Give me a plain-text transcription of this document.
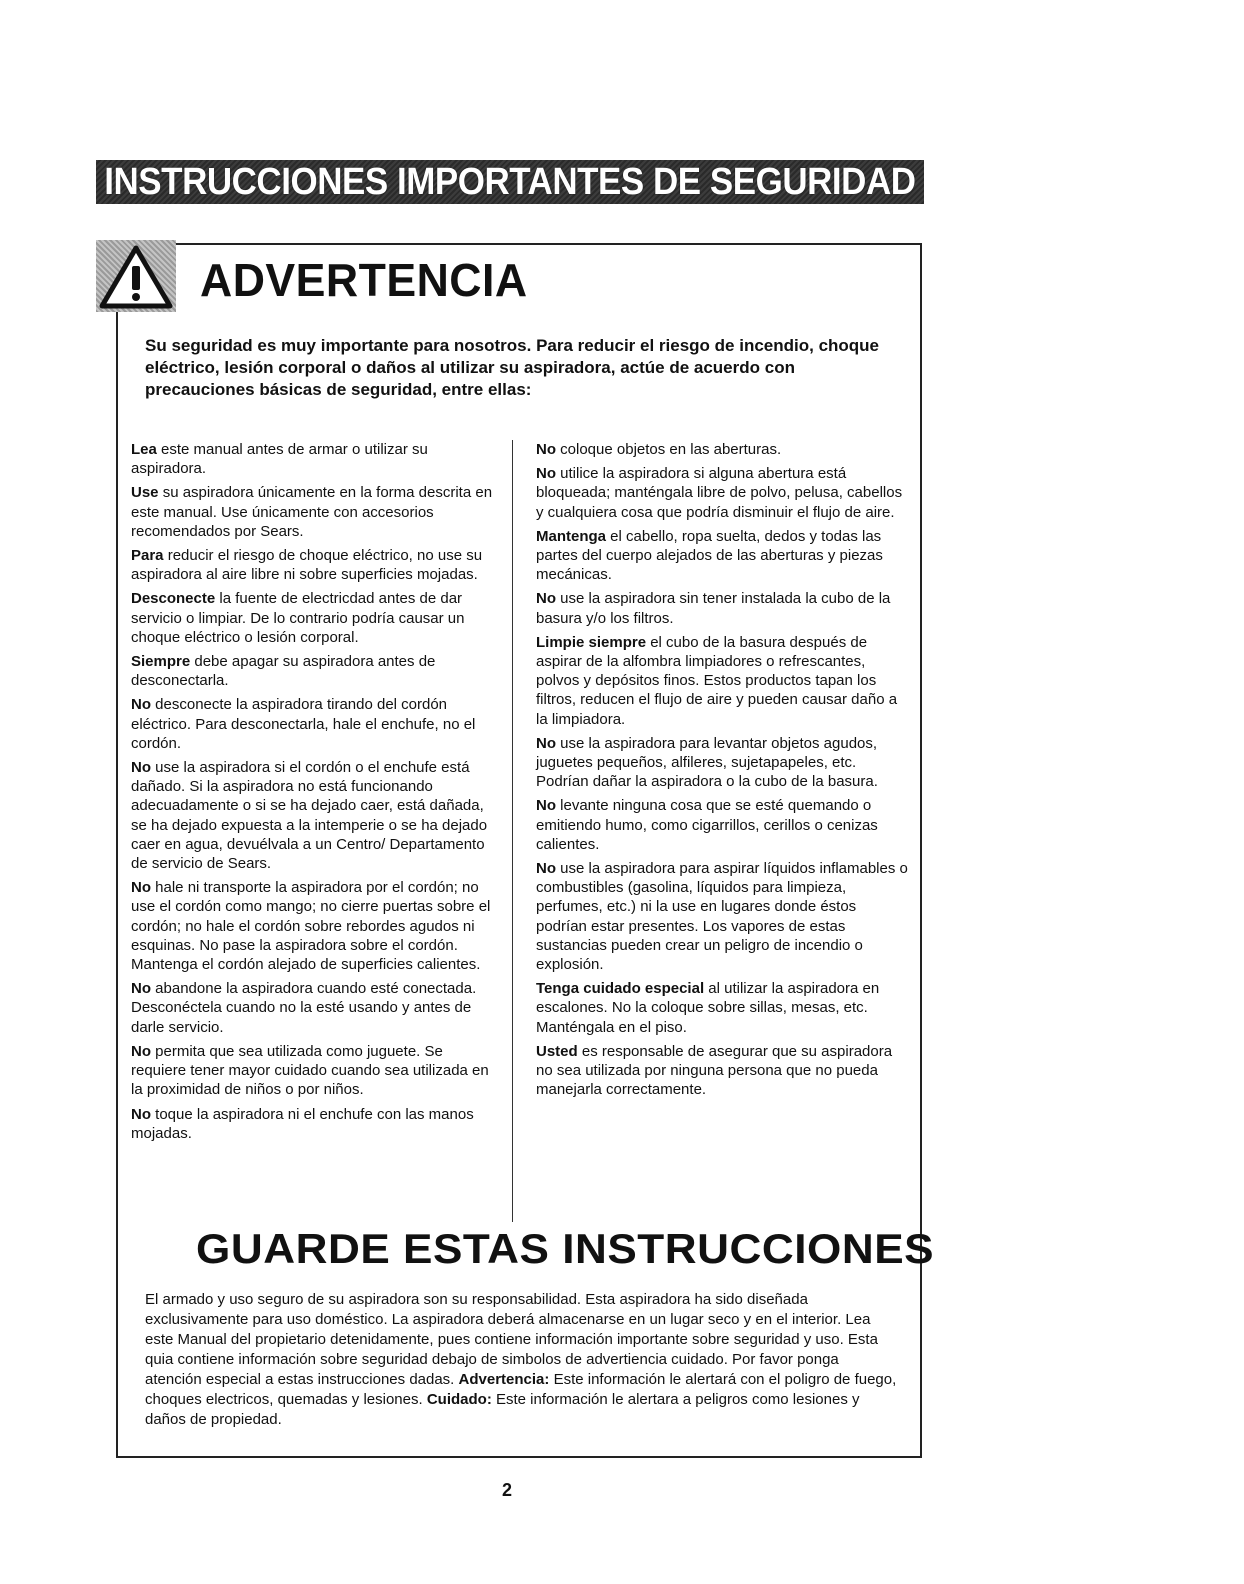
INSTRUCCIONES IMPORTANTES DE SEGURIDAD
ADVERTENCIA
Su seguridad es muy importante para nosotros. Para reducir el riesgo de incendio, choque eléctrico, lesión corporal o daños al utilizar su aspiradora, actúe de acuerdo con precauciones básicas de seguridad, entre ellas:

Lea este manual antes de armar o utilizar su aspiradora.

Use su aspiradora únicamente en la forma descrita en este manual. Use únicamente con accesorios recomendados por Sears.

Para reducir el riesgo de choque eléctrico, no use su aspiradora al aire libre ni sobre superficies mojadas.

Desconecte la fuente de electricdad antes de dar servicio o limpiar. De lo contrario podría causar un choque eléctrico o lesión corporal.

Siempre debe apagar su aspiradora antes de desconectarla.

No desconecte la aspiradora tirando del cordón eléctrico. Para desconectarla, hale el enchufe, no el cordón.

No use la aspiradora si el cordón o el enchufe está dañado. Si la aspiradora no está funcionando adecuadamente o si se ha dejado caer, está dañada, se ha dejado expuesta a la intemperie o se ha dejado caer en agua, devuélvala a un Centro/ Departamento de servicio de Sears.

No hale ni transporte la aspiradora por el cordón; no use el cordón como mango; no cierre puertas sobre el cordón; no hale el cordón sobre rebordes agudos ni esquinas. No pase la aspiradora sobre el cordón. Mantenga el cordón alejado de superficies calientes.

No abandone la aspiradora cuando esté conectada. Desconéctela cuando no la esté usando y antes de darle servicio.

No permita que sea utilizada como juguete. Se requiere tener mayor cuidado cuando sea utilizada en la proximidad de niños o por niños.

No toque la aspiradora ni el enchufe con las manos mojadas.

No coloque objetos en las aberturas.

No utilice la aspiradora si alguna abertura está bloqueada; manténgala libre de polvo, pelusa, cabellos y cualquiera cosa que podría disminuir el flujo de aire.

Mantenga el cabello, ropa suelta, dedos y todas las partes del cuerpo alejados de las aberturas y piezas mecánicas.

No use la aspiradora sin tener instalada la cubo de la basura y/o los filtros.

Limpie siempre el cubo de la basura después de aspirar de la alfombra limpiadores o refrescantes, polvos y depósitos finos. Estos productos tapan los filtros, reducen el flujo de aire y pueden causar daño a la limpiadora.

No use la aspiradora para levantar objetos agudos, juguetes pequeños, alfileres, sujetapapeles, etc. Podrían dañar la aspiradora o la cubo de la basura.

No levante ninguna cosa que se esté quemando o emitiendo humo, como cigarrillos, cerillos o cenizas calientes.

No use la aspiradora para aspirar líquidos inflamables o combustibles (gasolina, líquidos para limpieza, perfumes, etc.) ni la use en lugares donde éstos podrían estar presentes. Los vapores de estas sustancias pueden crear un peligro de incendio o explosión.

Tenga cuidado especial al utilizar la aspiradora en escalones. No la coloque sobre sillas, mesas, etc. Manténgala en el piso.

Usted es responsable de asegurar que su aspiradora no sea utilizada por ninguna persona que no pueda manejarla correctamente.

GUARDE ESTAS INSTRUCCIONES
El armado y uso seguro de su aspiradora son su responsabilidad. Esta aspiradora ha sido diseñada exclusivamente para uso doméstico. La aspiradora deberá almacenarse en un lugar seco y en el interior. Lea este Manual del propietario detenidamente, pues contiene información importante sobre seguridad y uso. Esta quia contiene información sobre seguridad debajo de simbolos de advertiencia cuidado. Por favor ponga atención especial a estas instrucciones dadas. Advertencia: Este información le alertará con el poligro de fuego, choques electricos, quemadas y lesiones. Cuidado: Este información le alertara a peligros como lesiones y daños de propiedad.
2
